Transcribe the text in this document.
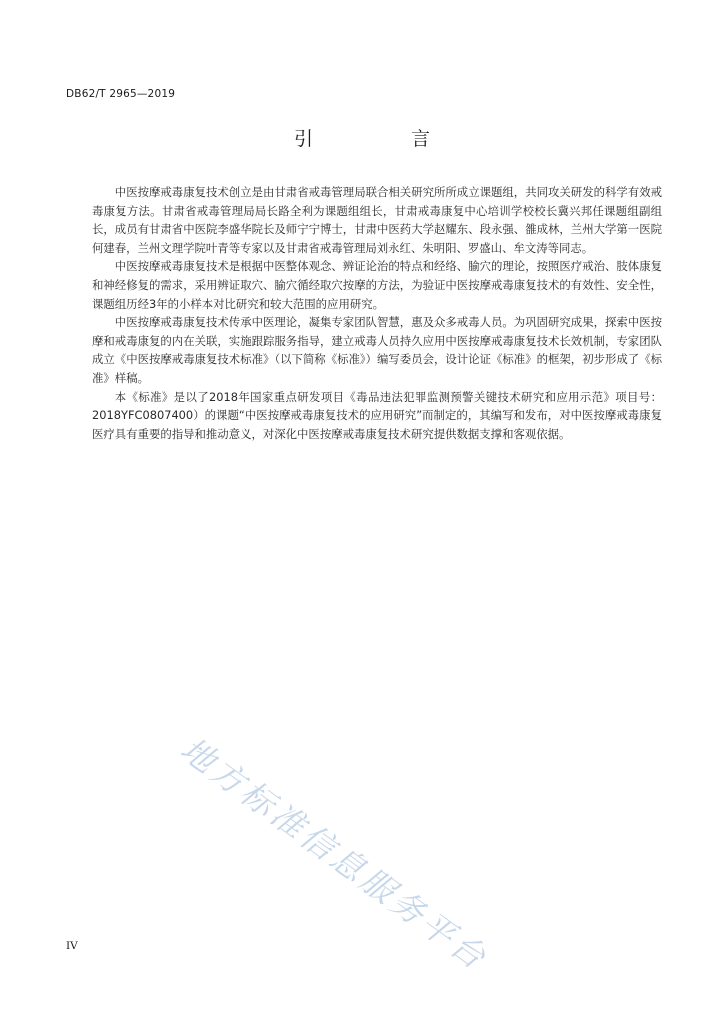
DB62/T 2965—2019
引 言

中医按摩戒毒康复技术创立是由甘肃省戒毒管理局联合相关研究所所成立课题组，共同攻关研发的科学有效戒毒康复方法。甘肃省戒毒管理局局长路全利为课题组组长，甘肃戒毒康复中心培训学校校长冀兴邦任课题组副组长，成员有甘肃省中医院李盛华院长及师宁宁博士，甘肃中医药大学赵耀东、段永强、雒成林，兰州大学第一医院何建春，兰州文理学院叶青等专家以及甘肃省戒毒管理局刘永红、朱明阳、罗盛山、牟文涛等同志。

中医按摩戒毒康复技术是根据中医整体观念、辨证论治的特点和经络、腧穴的理论，按照医疗戒治、肢体康复和神经修复的需求，采用辨证取穴、腧穴循经取穴按摩的方法，为验证中医按摩戒毒康复技术的有效性、安全性，课题组历经3年的小样本对比研究和较大范围的应用研究。

中医按摩戒毒康复技术传承中医理论，凝集专家团队智慧，惠及众多戒毒人员。为巩固研究成果，探索中医按摩和戒毒康复的内在关联，实施跟踪服务指导，建立戒毒人员持久应用中医按摩戒毒康复技术长效机制，专家团队成立《中医按摩戒毒康复技术标准》（以下简称《标准》）编写委员会，设计论证《标准》的框架，初步形成了《标准》样稿。

本《标准》是以了2018年国家重点研发项目《毒品违法犯罪监测预警关键技术研究和应用示范》项目号：2018YFC0807400）的课题“中医按摩戒毒康复技术的应用研究”而制定的，其编写和发布，对中医按摩戒毒康复医疗具有重要的指导和推动意义，对深化中医按摩戒毒康复技术研究提供数据支撑和客观依据。

地方标准信息服务平台
IV
